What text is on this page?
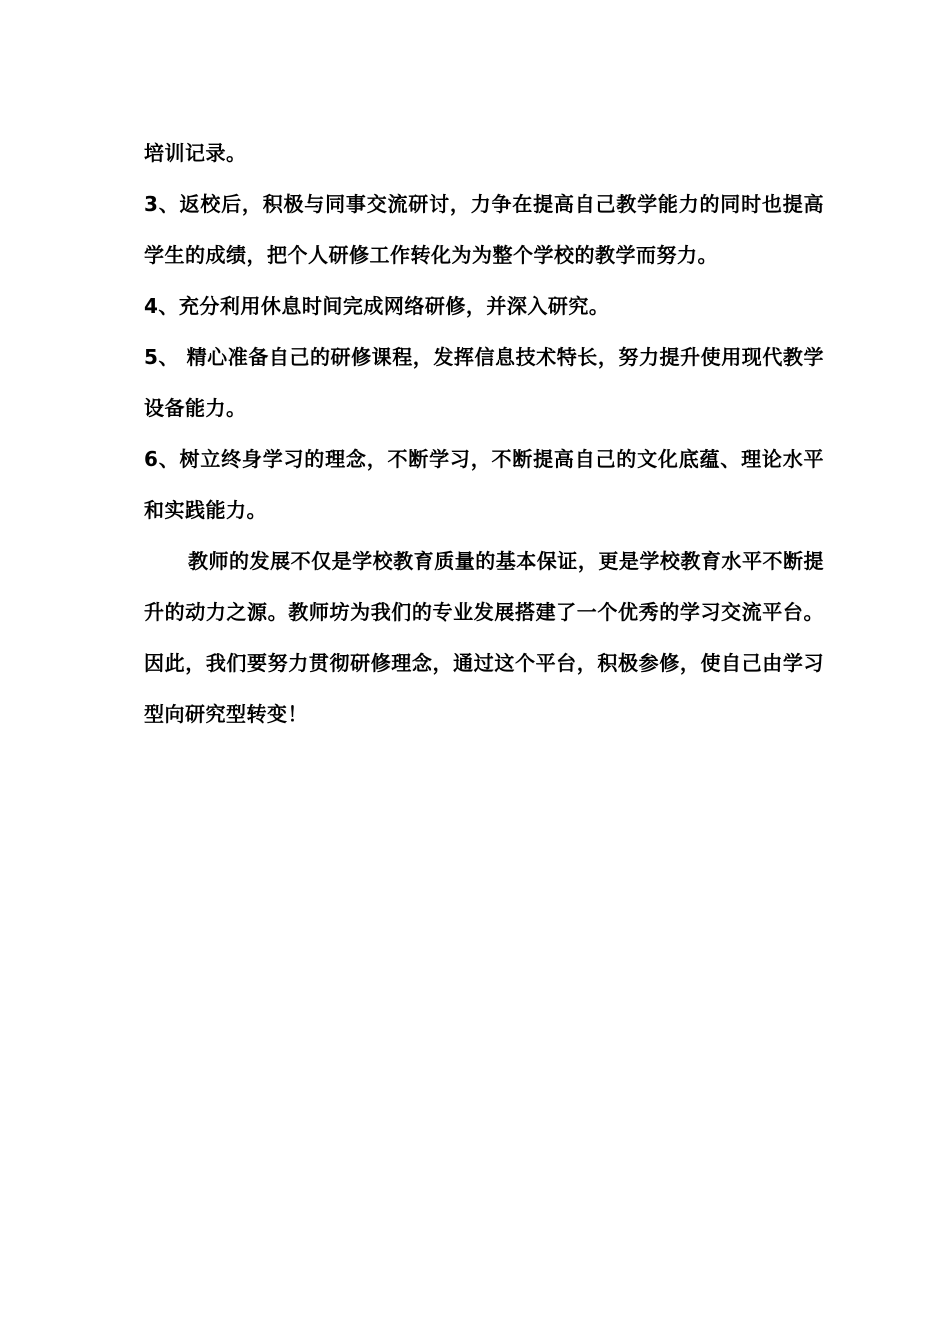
培训记录。

3、返校后，积极与同事交流研讨，力争在提高自己教学能力的同时也提高学生的成绩，把个人研修工作转化为为整个学校的教学而努力。

4、充分利用休息时间完成网络研修，并深入研究。

5、 精心准备自己的研修课程，发挥信息技术特长，努力提升使用现代教学设备能力。

6、树立终身学习的理念，不断学习，不断提高自己的文化底蕴、理论水平和实践能力。

教师的发展不仅是学校教育质量的基本保证，更是学校教育水平不断提升的动力之源。教师坊为我们的专业发展搭建了一个优秀的学习交流平台。因此，我们要努力贯彻研修理念，通过这个平台，积极参修，使自己由学习型向研究型转变！
